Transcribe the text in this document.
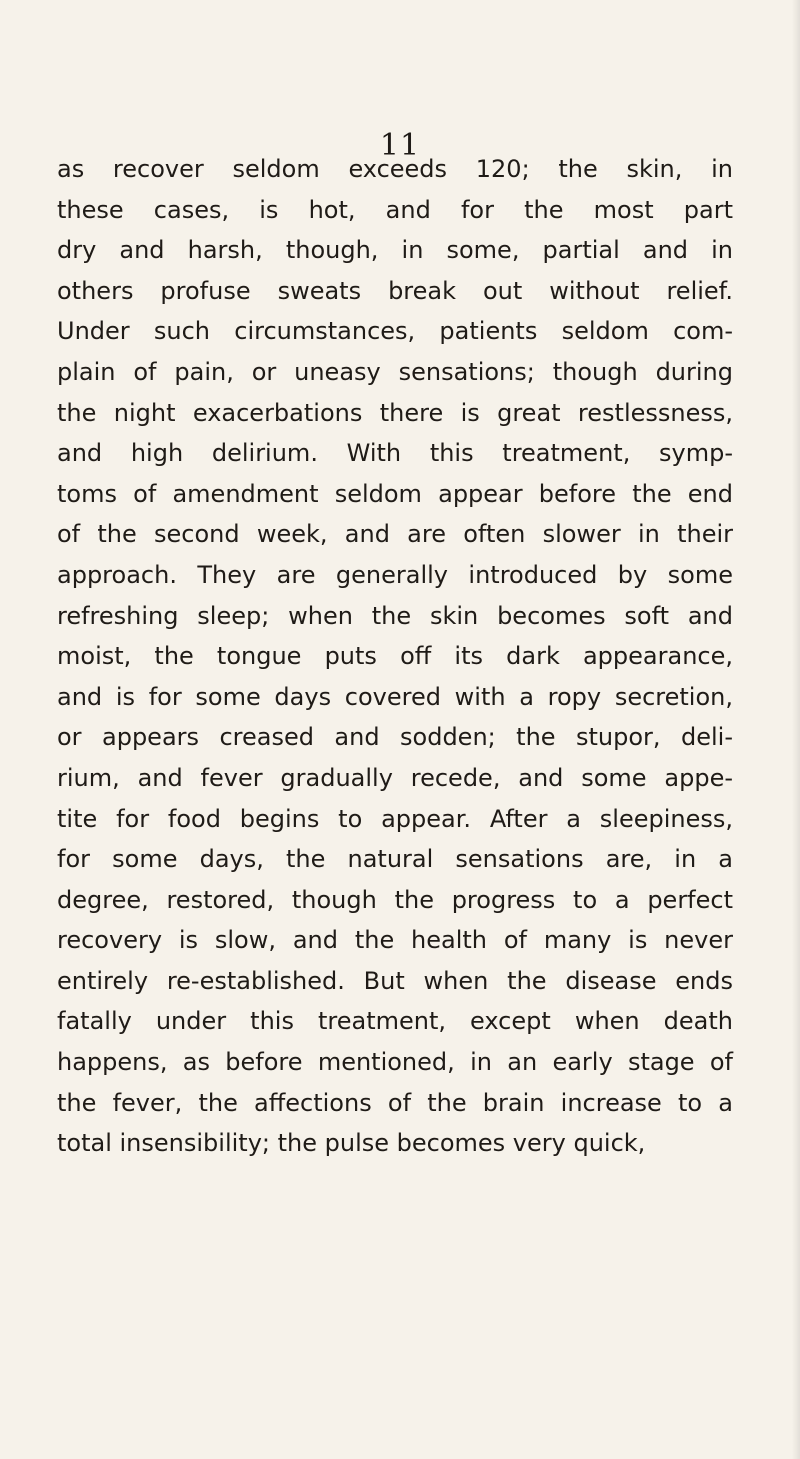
11
as recover seldom exceeds 120; the skin, in
these cases, is hot, and for the most part
dry and harsh, though, in some, partial and in
others profuse sweats break out without relief.
Under such circumstances, patients seldom com-
plain of pain, or uneasy sensations; though during
the night exacerbations there is great restlessness,
and high delirium. With this treatment, symp-
toms of amendment seldom appear before the end
of the second week, and are often slower in their
approach. They are generally introduced by some
refreshing sleep; when the skin becomes soft and
moist, the tongue puts off its dark appearance,
and is for some days covered with a ropy secretion,
or appears creased and sodden; the stupor, deli-
rium, and fever gradually recede, and some appe-
tite for food begins to appear. After a sleepiness,
for some days, the natural sensations are, in a
degree, restored, though the progress to a perfect
recovery is slow, and the health of many is never
entirely re-established. But when the disease ends
fatally under this treatment, except when death
happens, as before mentioned, in an early stage of
the fever, the affections of the brain increase to a
total insensibility; the pulse becomes very quick,
